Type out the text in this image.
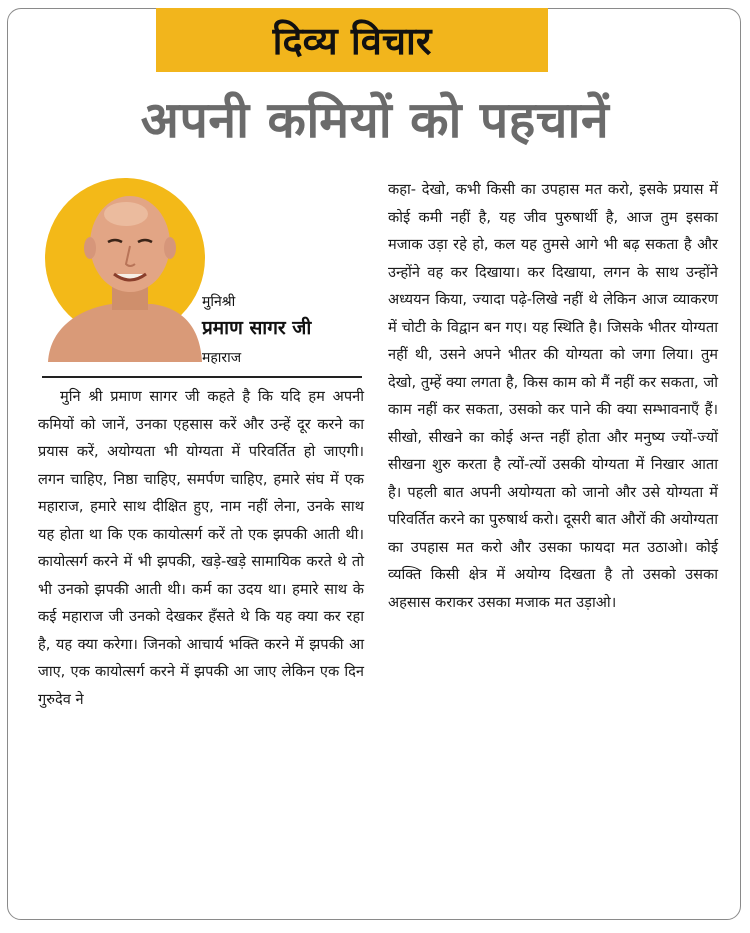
दिव्य विचार
अपनी कमियों को पहचानें
मुनिश्री
प्रमाण सागर जी
महाराज
मुनि श्री प्रमाण सागर जी कहते है कि यदि हम अपनी कमियों को जानें, उनका एहसास करें और उन्हें दूर करने का प्रयास करें, अयोग्यता भी योग्यता में परिवर्तित हो जाएगी। लगन चाहिए, निष्ठा चाहिए, समर्पण चाहिए, हमारे संघ में एक महाराज, हमारे साथ दीक्षित हुए, नाम नहीं लेना, उनके साथ यह होता था कि एक कायोत्सर्ग करें तो एक झपकी आती थी। कायोत्सर्ग करने में भी झपकी, खड़े-खड़े सामायिक करते थे तो भी उनको झपकी आती थी। कर्म का उदय था। हमारे साथ के कई महाराज जी उनको देखकर हँसते थे कि यह क्या कर रहा है, यह क्या करेगा। जिनको आचार्य भक्ति करने में झपकी आ जाए, एक कायोत्सर्ग करने में झपकी आ जाए लेकिन एक दिन गुरुदेव ने
कहा- देखो, कभी किसी का उपहास मत करो, इसके प्रयास में कोई कमी नहीं है, यह जीव पुरुषार्थी है, आज तुम इसका मजाक उड़ा रहे हो, कल यह तुमसे आगे भी बढ़ सकता है और उन्होंने वह कर दिखाया। कर दिखाया, लगन के साथ उन्होंने अध्ययन किया, ज्यादा पढ़े-लिखे नहीं थे लेकिन आज व्याकरण में चोटी के विद्वान बन गए। यह स्थिति है। जिसके भीतर योग्यता नहीं थी, उसने अपने भीतर की योग्यता को जगा लिया। तुम देखो, तुम्हें क्या लगता है, किस काम को मैं नहीं कर सकता, जो काम नहीं कर सकता, उसको कर पाने की क्या सम्भावनाएँ हैं। सीखो, सीखने का कोई अन्त नहीं होता और मनुष्य ज्यों-ज्यों सीखना शुरु करता है त्यों-त्यों उसकी योग्यता में निखार आता है। पहली बात अपनी अयोग्यता को जानो और उसे योग्यता में परिवर्तित करने का पुरुषार्थ करो। दूसरी बात औरों की अयोग्यता का उपहास मत करो और उसका फायदा मत उठाओ। कोई व्यक्ति किसी क्षेत्र में अयोग्य दिखता है तो उसको उसका अहसास कराकर उसका मजाक मत उड़ाओ।
